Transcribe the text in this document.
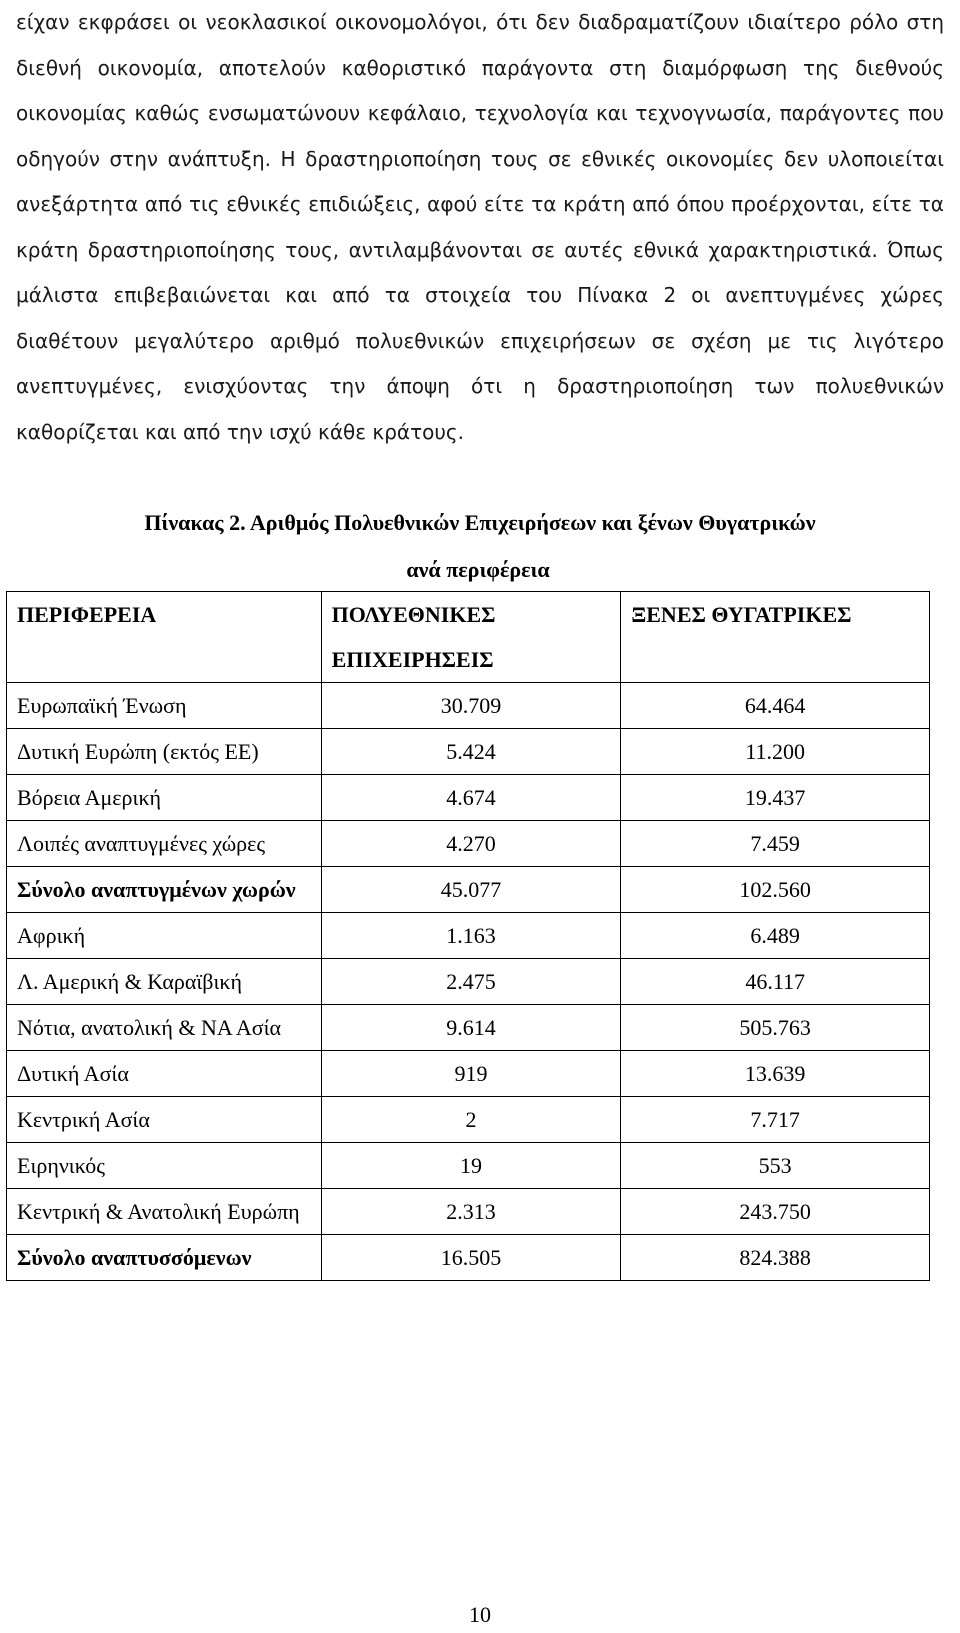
είχαν εκφράσει οι νεοκλασικοί οικονομολόγοι, ότι δεν διαδραματίζουν ιδιαίτερο ρόλο στη διεθνή οικονομία, αποτελούν καθοριστικό παράγοντα στη διαμόρφωση της διεθνούς οικονομίας καθώς ενσωματώνουν κεφάλαιο, τεχνολογία και τεχνογνωσία, παράγοντες που οδηγούν στην ανάπτυξη. Η δραστηριοποίηση τους σε εθνικές οικονομίες δεν υλοποιείται ανεξάρτητα από τις εθνικές επιδιώξεις, αφού είτε τα κράτη από όπου προέρχονται, είτε τα κράτη δραστηριοποίησης τους, αντιλαμβάνονται σε αυτές εθνικά χαρακτηριστικά. Όπως μάλιστα επιβεβαιώνεται και από τα στοιχεία του Πίνακα 2 οι ανεπτυγμένες χώρες διαθέτουν μεγαλύτερο αριθμό πολυεθνικών επιχειρήσεων σε σχέση με τις λιγότερο ανεπτυγμένες, ενισχύοντας την άποψη ότι η δραστηριοποίηση των πολυεθνικών καθορίζεται και από την ισχύ κάθε κράτους.

Πίνακας 2. Αριθμός Πολυεθνικών Επιχειρήσεων και ξένων Θυγατρικών

ανά περιφέρεια

ΠΕΡΙΦΕΡΕΙΑ	ΠΟΛΥΕΘΝΙΚΕΣ ΕΠΙΧΕΙΡΗΣΕΙΣ	ΞΕΝΕΣ ΘΥΓΑΤΡΙΚΕΣ
Ευρωπαϊκή Ένωση	30.709	64.464
Δυτική Ευρώπη (εκτός ΕΕ)	5.424	11.200
Βόρεια Αμερική	4.674	19.437
Λοιπές αναπτυγμένες χώρες	4.270	7.459
Σύνολο αναπτυγμένων χωρών	45.077	102.560
Αφρική	1.163	6.489
Λ. Αμερική & Καραϊβική	2.475	46.117
Νότια, ανατολική & ΝΑ Ασία	9.614	505.763
Δυτική Ασία	919	13.639
Κεντρική Ασία	2	7.717
Ειρηνικός	19	553
Κεντρική & Ανατολική Ευρώπη	2.313	243.750
Σύνολο αναπτυσσόμενων	16.505	824.388
10
